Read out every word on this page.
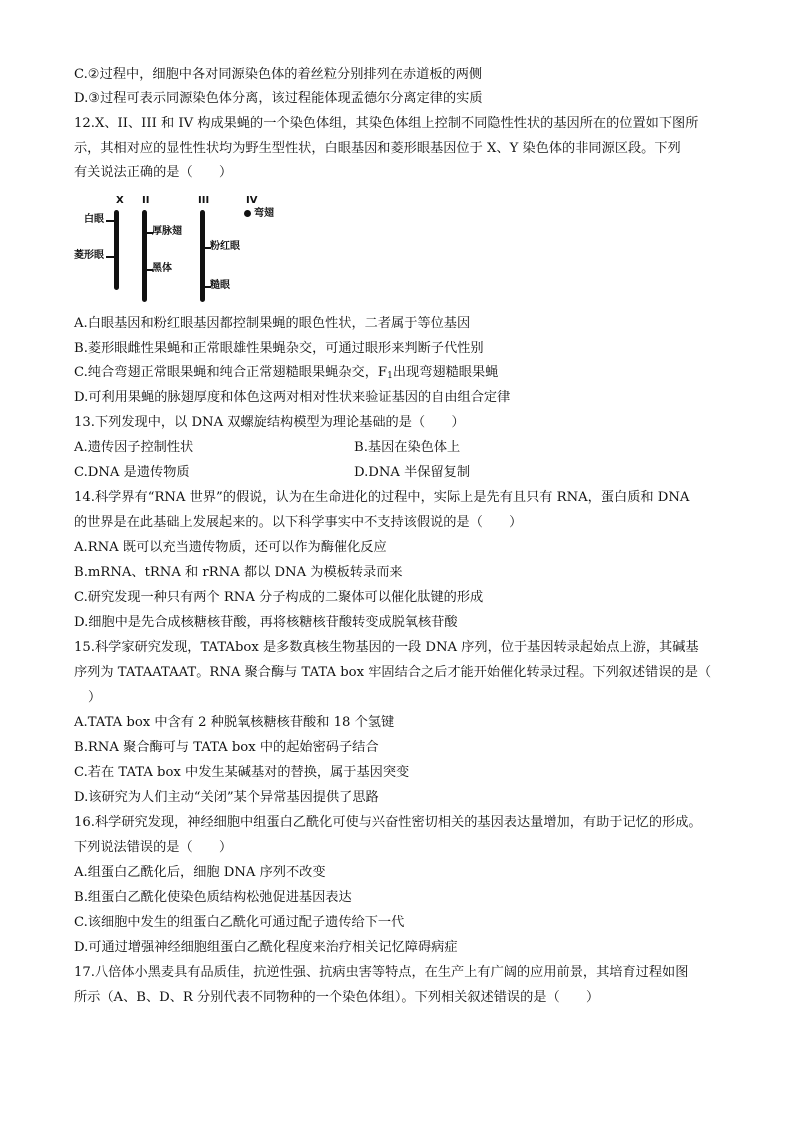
C.②过程中，细胞中各对同源染色体的着丝粒分别排列在赤道板的两侧
D.③过程可表示同源染色体分离，该过程能体现孟德尔分离定律的实质
12.X、II、III 和 IV 构成果蝇的一个染色体组，其染色体组上控制不同隐性性状的基因所在的位置如下图所
示，其相对应的显性性状均为野生型性状，白眼基因和菱形眼基因位于 X、Y 染色体的非同源区段。下列
有关说法正确的是（　　）
X II	III	IV
白眼
菱形眼
厚脉翅
黑体
粉红眼
糙眼
弯翅
A.白眼基因和粉红眼基因都控制果蝇的眼色性状，二者属于等位基因
B.菱形眼雌性果蝇和正常眼雄性果蝇杂交，可通过眼形来判断子代性别
C.纯合弯翅正常眼果蝇和纯合正常翅糙眼果蝇杂交，$F_1$出现弯翅糙眼果蝇
D.可利用果蝇的脉翅厚度和体色这两对相对性状来验证基因的自由组合定律
13.下列发现中，以 DNA 双螺旋结构模型为理论基础的是（　　）
A.遗传因子控制性状	B.基因在染色体上
C.DNA 是遗传物质	D.DNA 半保留复制
14.科学界有“RNA 世界”的假说，认为在生命进化的过程中，实际上是先有且只有 RNA，蛋白质和 DNA
的世界是在此基础上发展起来的。以下科学事实中不支持该假说的是（　　）
A.RNA 既可以充当遗传物质，还可以作为酶催化反应
B.mRNA、tRNA 和 rRNA 都以 DNA 为模板转录而来
C.研究发现一种只有两个 RNA 分子构成的二聚体可以催化肽键的形成
D.细胞中是先合成核糖核苷酸，再将核糖核苷酸转变成脱氧核苷酸
15.科学家研究发现，TATAbox 是多数真核生物基因的一段 DNA 序列，位于基因转录起始点上游，其碱基
序列为 TATAATAAT。RNA 聚合酶与 TATA box 牢固结合之后才能开始催化转录过程。下列叙述错误的是（
）
A.TATA box 中含有 2 种脱氧核糖核苷酸和 18 个氢键
B.RNA 聚合酶可与 TATA box 中的起始密码子结合
C.若在 TATA box 中发生某碱基对的替换，属于基因突变
D.该研究为人们主动“关闭”某个异常基因提供了思路
16.科学研究发现，神经细胞中组蛋白乙酰化可使与兴奋性密切相关的基因表达量增加，有助于记忆的形成。
下列说法错误的是（　　）
A.组蛋白乙酰化后，细胞 DNA 序列不改变
B.组蛋白乙酰化使染色质结构松弛促进基因表达
C.该细胞中发生的组蛋白乙酰化可通过配子遗传给下一代
D.可通过增强神经细胞组蛋白乙酰化程度来治疗相关记忆障碍病症
17.八倍体小黑麦具有品质佳，抗逆性强、抗病虫害等特点，在生产上有广阔的应用前景，其培育过程如图
所示（A、B、D、R 分别代表不同物种的一个染色体组）。下列相关叙述错误的是（　　）
